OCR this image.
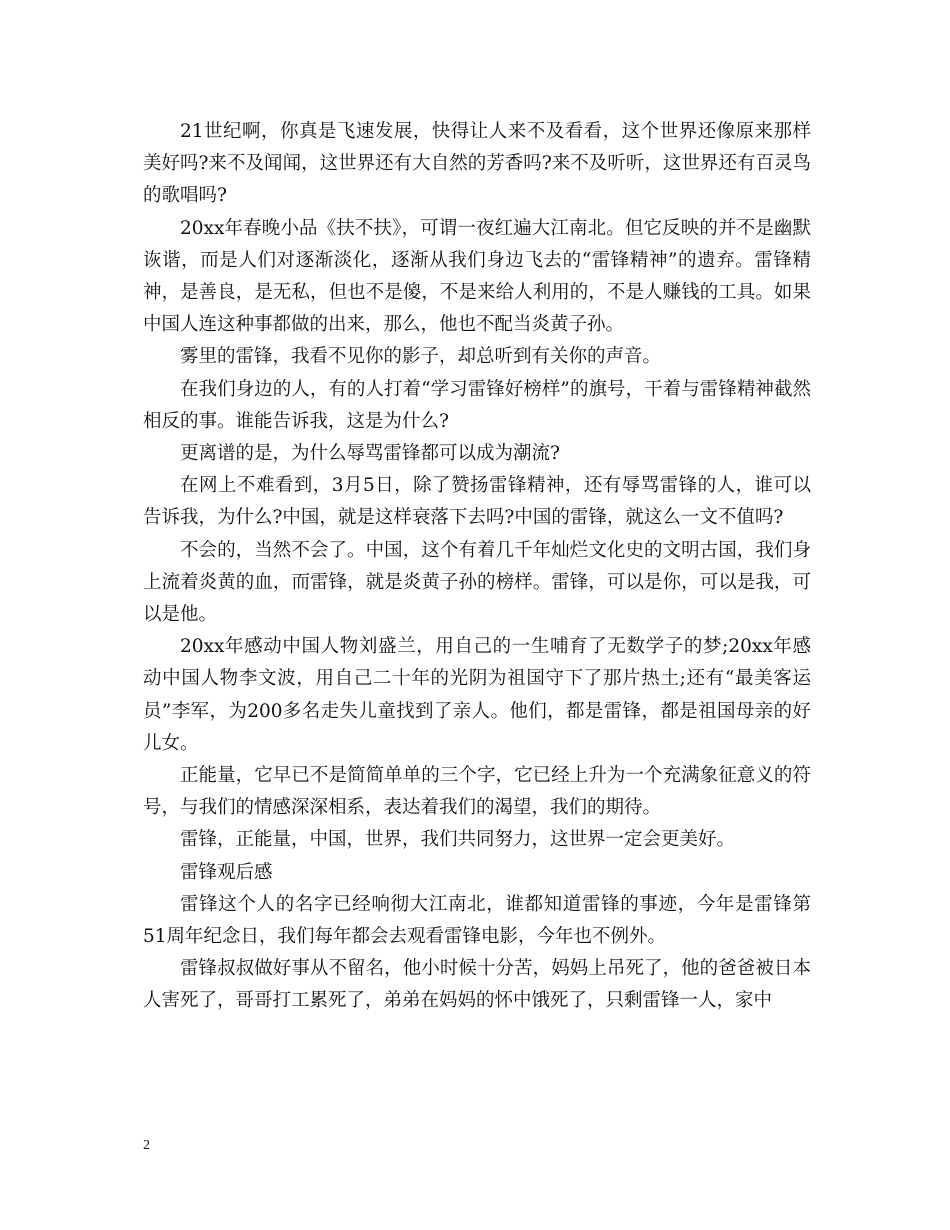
21世纪啊，你真是飞速发展，快得让人来不及看看，这个世界还像原来那样美好吗?来不及闻闻，这世界还有大自然的芳香吗?来不及听听，这世界还有百灵鸟的歌唱吗?

20xx年春晚小品《扶不扶》，可谓一夜红遍大江南北。但它反映的并不是幽默诙谐，而是人们对逐渐淡化，逐渐从我们身边飞去的“雷锋精神”的遗弃。雷锋精神，是善良，是无私，但也不是傻，不是来给人利用的，不是人赚钱的工具。如果中国人连这种事都做的出来，那么，他也不配当炎黄子孙。

雾里的雷锋，我看不见你的影子，却总听到有关你的声音。

在我们身边的人，有的人打着“学习雷锋好榜样”的旗号，干着与雷锋精神截然相反的事。谁能告诉我，这是为什么?

更离谱的是，为什么辱骂雷锋都可以成为潮流?

在网上不难看到，3月5日，除了赞扬雷锋精神，还有辱骂雷锋的人，谁可以告诉我，为什么?中国，就是这样衰落下去吗?中国的雷锋，就这么一文不值吗?

不会的，当然不会了。中国，这个有着几千年灿烂文化史的文明古国，我们身上流着炎黄的血，而雷锋，就是炎黄子孙的榜样。雷锋，可以是你，可以是我，可以是他。

20xx年感动中国人物刘盛兰，用自己的一生哺育了无数学子的梦;20xx年感动中国人物李文波，用自己二十年的光阴为祖国守下了那片热土;还有“最美客运员”李军，为200多名走失儿童找到了亲人。他们，都是雷锋，都是祖国母亲的好儿女。

正能量，它早已不是简简单单的三个字，它已经上升为一个充满象征意义的符号，与我们的情感深深相系，表达着我们的渴望，我们的期待。

雷锋，正能量，中国，世界，我们共同努力，这世界一定会更美好。

雷锋观后感

雷锋这个人的名字已经响彻大江南北，谁都知道雷锋的事迹，今年是雷锋第51周年纪念日，我们每年都会去观看雷锋电影，今年也不例外。

雷锋叔叔做好事从不留名，他小时候十分苦，妈妈上吊死了，他的爸爸被日本人害死了，哥哥打工累死了，弟弟在妈妈的怀中饿死了，只剩雷锋一人，家中

2
